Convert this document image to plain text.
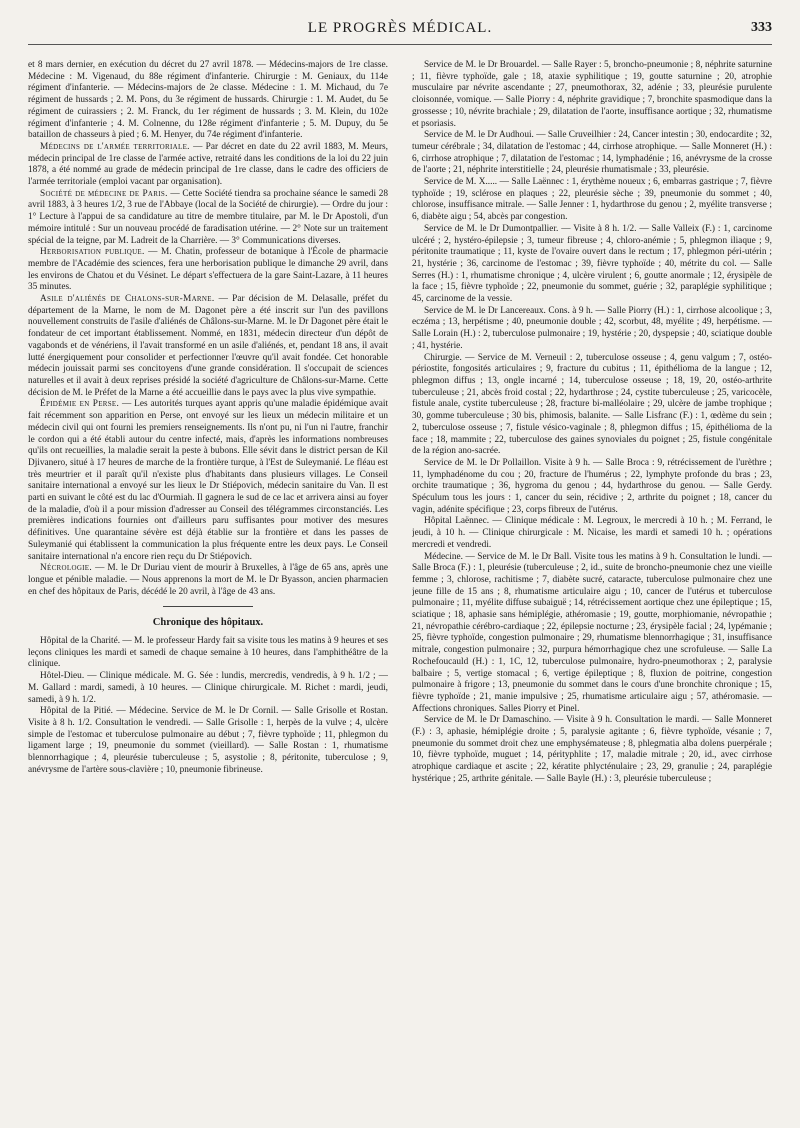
LE PROGRÈS MÉDICAL.	333

et 8 mars dernier, en exécution du décret du 27 avril 1878. — Médecins-majors de 1re classe. Médecine : M. Vigenaud, du 88e régiment d'infanterie. Chirurgie : M. Geniaux, du 114e régiment d'infanterie. — Médecins-majors de 2e classe. Médecine : 1. M. Michaud, du 7e régiment de hussards ; 2. M. Pons, du 3e régiment de hussards. Chirurgie : 1. M. Audet, du 5e régiment de cuirassiers ; 2. M. Franck, du 1er régiment de hussards ; 3. M. Klein, du 102e régiment d'infanterie ; 4. M. Colnenne, du 128e régiment d'infanterie ; 5. M. Dupuy, du 5e bataillon de chasseurs à pied ; 6. M. Henyer, du 74e régiment d'infanterie.

Médecins de l'armée territoriale. — Par décret en date du 22 avril 1883, M. Meurs, médecin principal de 1re classe de l'armée active, retraité dans les conditions de la loi du 22 juin 1878, a été nommé au grade de médecin principal de 1re classe, dans le cadre des officiers de l'armée territoriale (emploi vacant par organisation).

Société de médecine de Paris. — Cette Société tiendra sa prochaine séance le samedi 28 avril 1883, à 3 heures 1/2, 3 rue de l'Abbaye (local de la Société de chirurgie). — Ordre du jour : 1° Lecture à l'appui de sa candidature au titre de membre titulaire, par M. le Dr Apostoli, d'un mémoire intitulé : Sur un nouveau procédé de faradisation utérine. — 2° Note sur un traitement spécial de la teigne, par M. Ladreit de la Charrière. — 3° Communications diverses.

Herborisation publique. — M. Chatin, professeur de botanique à l'École de pharmacie membre de l'Académie des sciences, fera une herborisation publique le dimanche 29 avril, dans les environs de Chatou et du Vésinet. Le départ s'effectuera de la gare Saint-Lazare, à 11 heures 35 minutes.

Asile d'aliénés de Chalons-sur-Marne. — Par décision de M. Delasalle, préfet du département de la Marne, le nom de M. Dagonet père a été inscrit sur l'un des pavillons nouvellement construits de l'asile d'aliénés de Châlons-sur-Marne. M. le Dr Dagonet père était le fondateur de cet important établissement. Nommé, en 1831, médecin directeur d'un dépôt de vagabonds et de vénériens, il l'avait transformé en un asile d'aliénés, et, pendant 18 ans, il avait lutté énergiquement pour consolider et perfectionner l'œuvre qu'il avait fondée. Cet honorable médecin jouissait parmi ses concitoyens d'une grande considération. Il s'occupait de sciences naturelles et il avait à deux reprises présidé la société d'agriculture de Châlons-sur-Marne. Cette décision de M. le Préfet de la Marne a été accueillie dans le pays avec la plus vive sympathie.

Épidémie en Perse. — Les autorités turques ayant appris qu'une maladie épidémique avait fait récemment son apparition en Perse, ont envoyé sur les lieux un médecin militaire et un médecin civil qui ont fourni les premiers renseignements. Ils n'ont pu, ni l'un ni l'autre, franchir le cordon qui a été établi autour du centre infecté, mais, d'après les informations nombreuses qu'ils ont recueillies, la maladie serait la peste à bubons. Elle sévit dans le district persan de Kil Djivanero, situé à 17 heures de marche de la frontière turque, à l'Est de Suleymanié. Le fléau est très meurtrier et il paraît qu'il n'existe plus d'habitants dans plusieurs villages. Le Conseil sanitaire international a envoyé sur les lieux le Dr Stiépovich, médecin sanitaire du Van. Il est parti en suivant le côté est du lac d'Ourmiah. Il gagnera le sud de ce lac et arrivera ainsi au foyer de la maladie, d'où il a pour mission d'adresser au Conseil des télégrammes circonstanciés. Les premières indications fournies ont d'ailleurs paru suffisantes pour motiver des mesures définitives. Une quarantaine sévère est déjà établie sur la frontière et dans les passes de Suleymanié qui établissent la communication la plus fréquente entre les deux pays. Le Conseil sanitaire international n'a encore rien reçu du Dr Stiépovich.

Nécrologie. — M. le Dr Duriau vient de mourir à Bruxelles, à l'âge de 65 ans, après une longue et pénible maladie. — Nous apprenons la mort de M. le Dr Byasson, ancien pharmacien en chef des hôpitaux de Paris, décédé le 20 avril, à l'âge de 43 ans.

Chronique des hôpitaux.

Hôpital de la Charité. — M. le professeur Hardy fait sa visite tous les matins à 9 heures et ses leçons cliniques les mardi et samedi de chaque semaine à 10 heures, dans l'amphithéâtre de la clinique.

Hôtel-Dieu. — Clinique médicale. M. G. Sée : lundis, mercredis, vendredis, à 9 h. 1/2 ; — M. Gallard : mardi, samedi, à 10 heures. — Clinique chirurgicale. M. Richet : mardi, jeudi, samedi, à 9 h. 1/2.

Hôpital de la Pitié. — Médecine. Service de M. le Dr Cornil. — Salle Grisolle et Rostan. Visite à 8 h. 1/2. Consultation le vendredi. — Salle Grisolle : 1, herpès de la vulve ; 4, ulcère simple de l'estomac et tuberculose pulmonaire au début ; 7, fièvre typhoïde ; 11, phlegmon du ligament large ; 19, pneumonie du sommet (vieillard). — Salle Rostan : 1, rhumatisme blennorrhagique ; 4, pleurésie tuberculeuse ; 5, asystolie ; 8, péritonite, tuberculose ; 9, anévrysme de l'artère sous-clavière ; 10, pneumonie fibrineuse.

Service de M. le Dr Brouardel. — Salle Rayer : 5, broncho-pneumonie ; 8, néphrite saturnine ; 11, fièvre typhoïde, gale ; 18, ataxie syphilitique ; 19, goutte saturnine ; 20, atrophie musculaire par névrite ascendante ; 27, pneumothorax, 32, adénie ; 33, pleurésie purulente cloisonnée, vomique. — Salle Piorry : 4, néphrite gravidique ; 7, bronchite spasmodique dans la grossesse ; 10, névrite brachiale ; 29, dilatation de l'aorte, insuffisance aortique ; 32, rhumatisme et psoriasis.

Service de M. le Dr Audhoui. — Salle Cruveilhier : 24, Cancer intestin ; 30, endocardite ; 32, tumeur cérébrale ; 34, dilatation de l'estomac ; 44, cirrhose atrophique. — Salle Monneret (H.) : 6, cirrhose atrophique ; 7, dilatation de l'estomac ; 14, lymphadénie ; 16, anévrysme de la crosse de l'aorte ; 21, néphrite interstitielle ; 24, pleurésie rhumatismale ; 33, pleurésie.

Service de M. X..... — Salle Laënnec : 1, érythème noueux ; 6, embarras gastrique ; 7, fièvre typhoïde ; 19, sclérose en plaques ; 22, pleurésie sèche ; 39, pneumonie du sommet ; 40, chlorose, insuffisance mitrale. — Salle Jenner : 1, hydarthrose du genou ; 2, myélite transverse ; 6, diabète aigu ; 54, abcès par congestion.

Service de M. le Dr Dumontpallier. — Visite à 8 h. 1/2. — Salle Valleix (F.) : 1, carcinome ulcéré ; 2, hystéro-épilepsie ; 3, tumeur fibreuse ; 4, chloro-anémie ; 5, phlegmon iliaque ; 9, péritonite traumatique ; 11, kyste de l'ovaire ouvert dans le rectum ; 17, phlegmon péri-utérin ; 21, hystérie ; 36, carcinome de l'estomac ; 39, fièvre typhoïde ; 40, métrite du col. — Salle Serres (H.) : 1, rhumatisme chronique ; 4, ulcère virulent ; 6, goutte anormale ; 12, érysipèle de la face ; 15, fièvre typhoïde ; 22, pneumonie du sommet, guérie ; 32, paraplégie syphilitique ; 45, carcinome de la vessie.

Service de M. le Dr Lancereaux. Cons. à 9 h. — Salle Piorry (H.) : 1, cirrhose alcoolique ; 3, eczéma ; 13, herpétisme ; 40, pneumonie double ; 42, scorbut, 48, myélite ; 49, herpétisme. — Salle Lorain (H.) : 2, tuberculose pulmonaire ; 19, hystérie ; 20, dyspepsie ; 40, sciatique double ; 41, hystérie.

Chirurgie. — Service de M. Verneuil : 2, tuberculose osseuse ; 4, genu valgum ; 7, ostéo-périostite, fongosités articulaires ; 9, fracture du cubitus ; 11, épithélioma de la langue ; 12, phlegmon diffus ; 13, ongle incarné ; 14, tuberculose osseuse ; 18, 19, 20, ostéo-arthrite tuberculeuse ; 21, abcès froid costal ; 22, hydarthrose ; 24, cystite tuberculeuse ; 25, varicocèle, fistule anale, cystite tuberculeuse ; 28, fracture bi-malléolaire ; 29, ulcère de jambe trophique ; 30, gomme tuberculeuse ; 30 bis, phimosis, balanite. — Salle Lisfranc (F.) : 1, œdème du sein ; 2, tuberculose osseuse ; 7, fistule vésico-vaginale ; 8, phlegmon diffus ; 15, épithélioma de la face ; 18, mammite ; 22, tuberculose des gaines synoviales du poignet ; 25, fistule congénitale de la région ano-sacrée.

Service de M. le Dr Pollaillon. Visite à 9 h. — Salle Broca : 9, rétrécissement de l'urèthre ; 11, lymphadénome du cou ; 20, fracture de l'humérus ; 22, lymphyte profonde du bras ; 23, orchite traumatique ; 36, hygroma du genou ; 44, hydarthrose du genou. — Salle Gerdy. Spéculum tous les jours : 1, cancer du sein, récidive ; 2, arthrite du poignet ; 18, cancer du vagin, adénite spécifique ; 23, corps fibreux de l'utérus.

Hôpital Laënnec. — Clinique médicale : M. Legroux, le mercredi à 10 h. ; M. Ferrand, le jeudi, à 10 h. — Clinique chirurgicale : M. Nicaise, les mardi et samedi 10 h. ; opérations mercredi et vendredi.

Médecine. — Service de M. le Dr Ball. Visite tous les matins à 9 h. Consultation le lundi. — Salle Broca (F.) : 1, pleurésie (tuberculeuse ; 2, id., suite de broncho-pneumonie chez une vieille femme ; 3, chlorose, rachitisme ; 7, diabète sucré, cataracte, tuberculose pulmonaire chez une jeune fille de 15 ans ; 8, rhumatisme articulaire aigu ; 10, cancer de l'utérus et tuberculose pulmonaire ; 11, myélite diffuse subaiguë ; 14, rétrécissement aortique chez une épileptique ; 15, sciatique ; 18, aphasie sans hémiplégie, athéromasie ; 19, goutte, morphiomanie, névropathie ; 21, névropathie cérébro-cardiaque ; 22, épilepsie nocturne ; 23, érysipèle facial ; 24, lypémanie ; 25, fièvre typhoïde, congestion pulmonaire ; 29, rhumatisme blennorrhagique ; 31, insuffisance mitrale, congestion pulmonaire ; 32, purpura hémorrhagique chez une scrofuleuse. — Salle La Rochefoucauld (H.) : 1, 1C, 12, tuberculose pulmonaire, hydro-pneumothorax ; 2, paralysie balbaire ; 5, vertige stomacal ; 6, vertige épileptique ; 8, fluxion de poitrine, congestion pulmonaire à frigore ; 13, pneumonie du sommet dans le cours d'une bronchite chronique ; 15, fièvre typhoïde ; 21, manie impulsive ; 25, rhumatisme articulaire aigu ; 57, athéromasie. — Affections chroniques. Salles Piorry et Pinel.

Service de M. le Dr Damaschino. — Visite à 9 h. Consultation le mardi. — Salle Monneret (F.) : 3, aphasie, hémiplégie droite ; 5, paralysie agitante ; 6, fièvre typhoïde, vésanie ; 7, pneumonie du sommet droit chez une emphysémateuse ; 8, phlegmatia alba dolens puerpérale ; 10, fièvre typhoïde, muguet ; 14, pérityphlite ; 17, maladie mitrale ; 20, id., avec cirrhose atrophique cardiaque et ascite ; 22, kératite phlycténulaire ; 23, 29, granulie ; 24, paraplégie hystérique ; 25, arthrite génitale. — Salle Bayle (H.) : 3, pleurésie tuberculeuse ;
